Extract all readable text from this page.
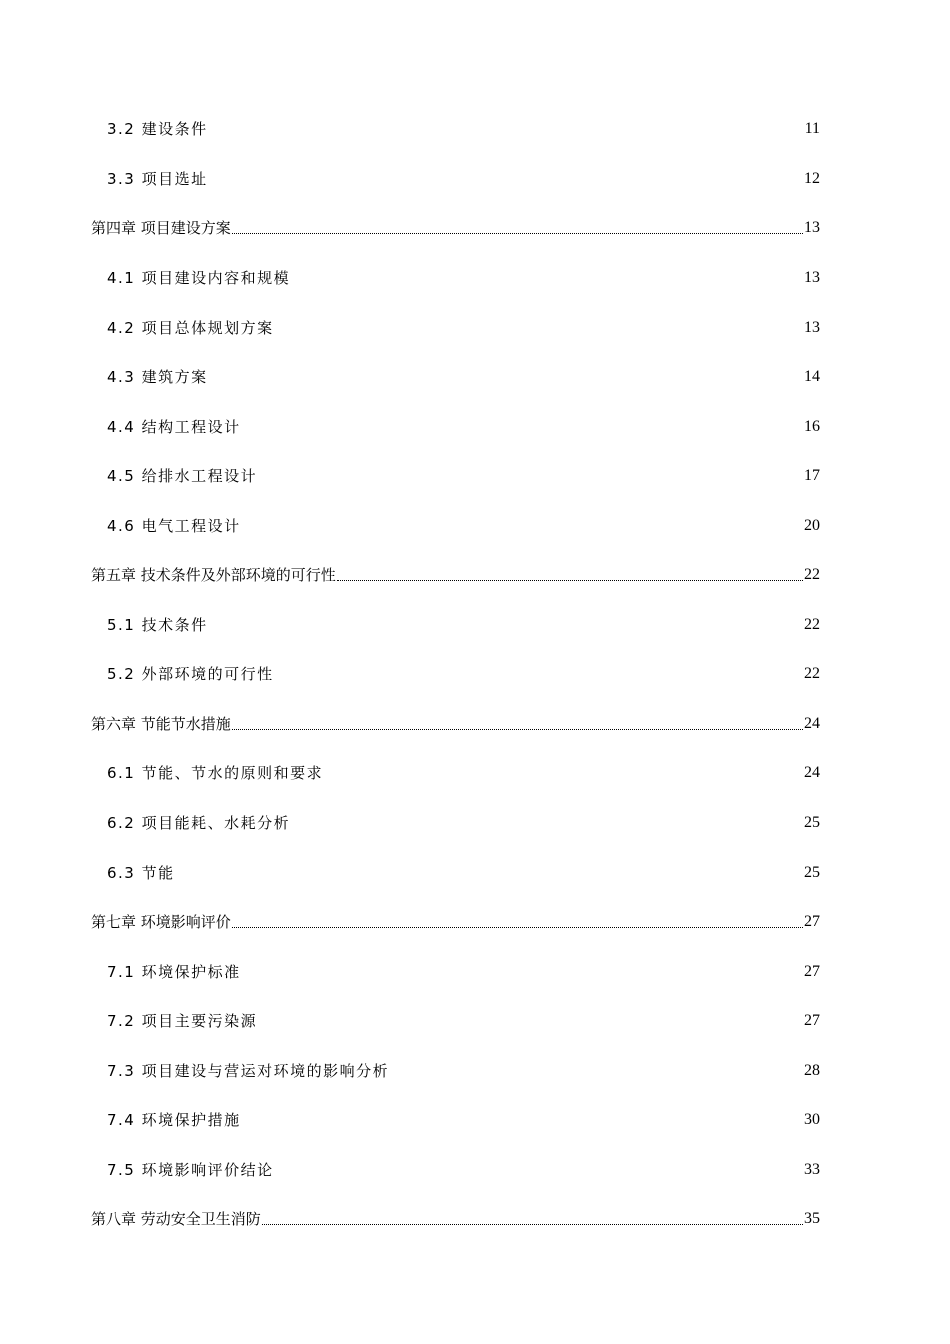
3.2 建设条件	11
3.3 项目选址	12
第四章 项目建设方案	13
4.1 项目建设内容和规模	13
4.2 项目总体规划方案	13
4.3 建筑方案	14
4.4 结构工程设计	16
4.5 给排水工程设计	17
4.6 电气工程设计	20
第五章 技术条件及外部环境的可行性	22
5.1 技术条件	22
5.2 外部环境的可行性	22
第六章 节能节水措施	24
6.1 节能、节水的原则和要求	24
6.2 项目能耗、水耗分析	25
6.3 节能	25
第七章 环境影响评价	27
7.1 环境保护标准	27
7.2 项目主要污染源	27
7.3 项目建设与营运对环境的影响分析	28
7.4 环境保护措施	30
7.5 环境影响评价结论	33
第八章 劳动安全卫生消防	35
